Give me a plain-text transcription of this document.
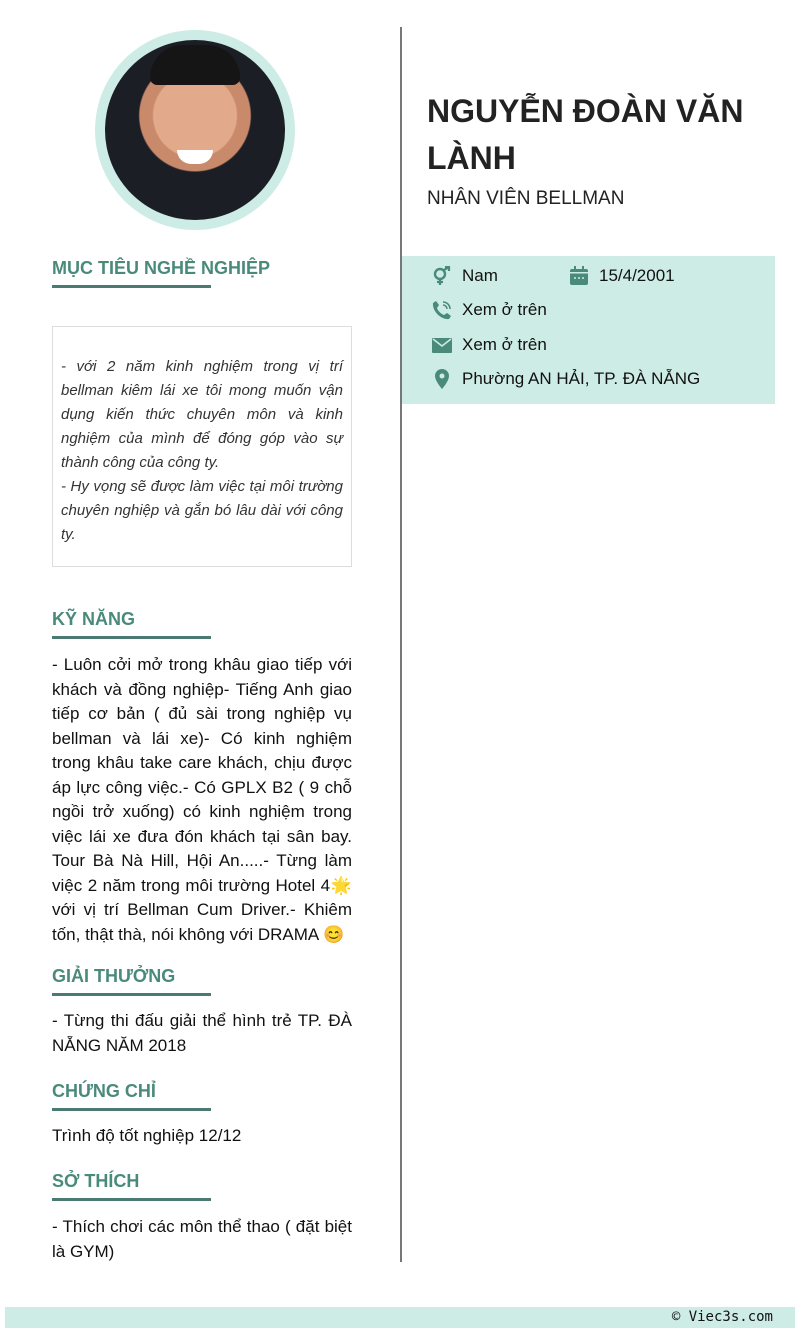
MỤC TIÊU NGHỀ NGHIỆP
- với 2 năm kinh nghiệm trong vị trí bellman kiêm lái xe tôi mong muốn vận dụng kiến thức chuyên môn và kinh nghiệm của mình để đóng góp vào sự thành công của công ty.
- Hy vọng sẽ được làm việc tại môi trường chuyên nghiệp và gắn bó lâu dài với công ty.
KỸ NĂNG
- Luôn cởi mở trong khâu giao tiếp với khách và đồng nghiệp- Tiếng Anh giao tiếp cơ bản ( đủ sài trong nghiệp vụ bellman và lái xe)- Có kinh nghiệm trong khâu take care khách, chịu được áp lực công việc.- Có GPLX B2 ( 9 chỗ ngồi trở xuống) có kinh nghiệm trong việc lái xe đưa đón khách tại sân bay. Tour Bà Nà Hill, Hội An.....- Từng làm việc 2 năm trong môi trường Hotel 4🌟 với vị trí Bellman Cum Driver.- Khiêm tốn, thật thà, nói không với DRAMA 😊
GIẢI THƯỞNG
- Từng thi đấu giải thể hình trẻ TP. ĐÀ NẴNG NĂM 2018
CHỨNG CHỈ
Trình độ tốt nghiệp 12/12
SỞ THÍCH
- Thích chơi các môn thể thao ( đặt biệt là GYM)
NGUYỄN ĐOÀN VĂN LÀNH
NHÂN VIÊN BELLMAN
Nam	15/4/2001
Xem ở trên
Xem ở trên
Phường AN HẢI, TP. ĐÀ NẴNG
© Viec3s.com
